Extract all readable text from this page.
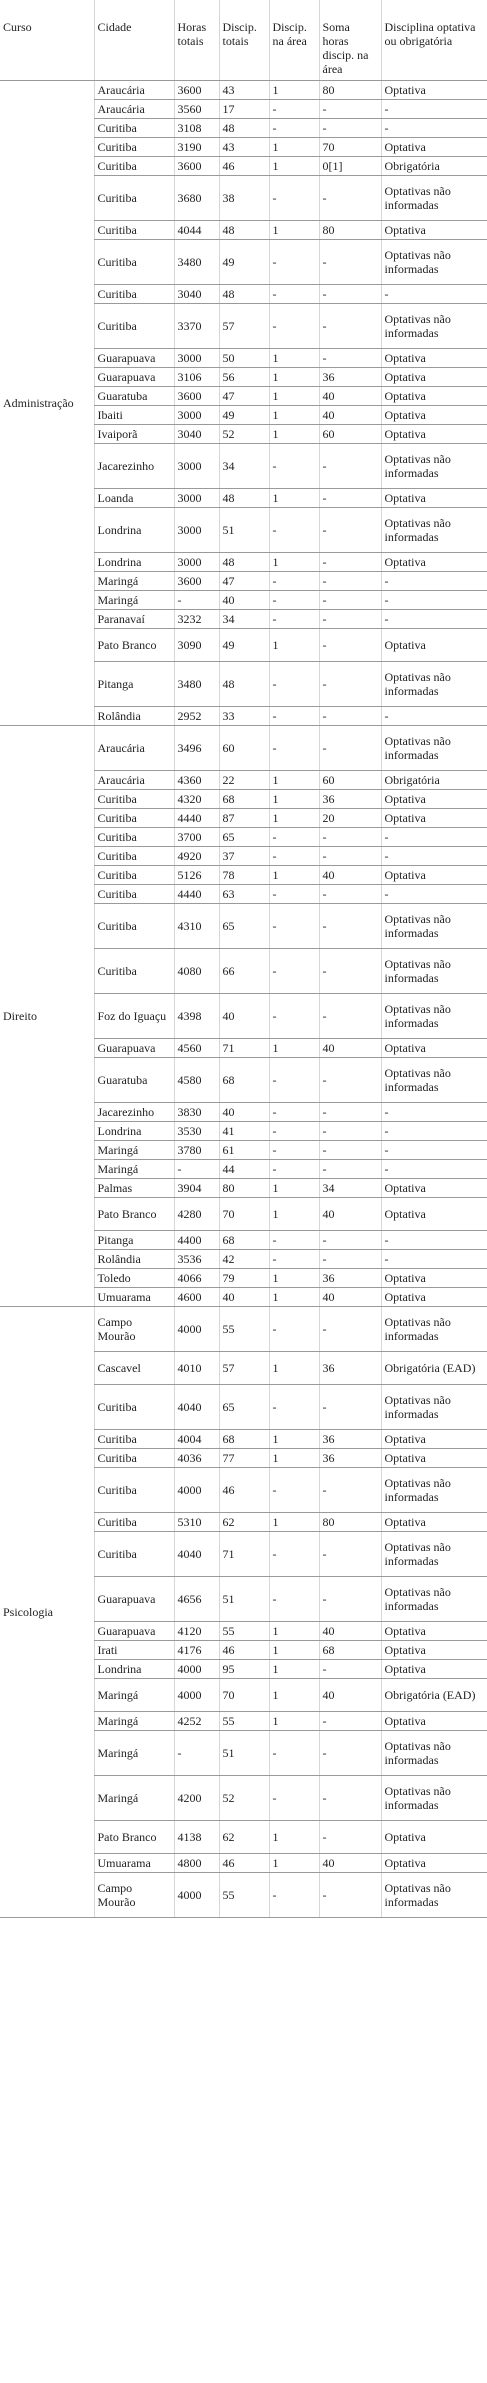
Curso	Cidade	Horas totais	Discip. totais	Discip. na área	Soma horas discip. na área	Disciplina optativa ou obrigatória
Administração	Araucária	3600	43	1	80	Optativa
	Araucária	3560	17	-	-	-
	Curitiba	3108	48	-	-	-
	Curitiba	3190	43	1	70	Optativa
	Curitiba	3600	46	1	0[1]	Obrigatória
	Curitiba	3680	38	-	-	Optativas não informadas
	Curitiba	4044	48	1	80	Optativa
	Curitiba	3480	49	-	-	Optativas não informadas
	Curitiba	3040	48	-	-	-
	Curitiba	3370	57	-	-	Optativas não informadas
	Guarapuava	3000	50	1	-	Optativa
	Guarapuava	3106	56	1	36	Optativa
	Guaratuba	3600	47	1	40	Optativa
	Ibaiti	3000	49	1	40	Optativa
	Ivaiporã	3040	52	1	60	Optativa
	Jacarezinho	3000	34	-	-	Optativas não informadas
	Loanda	3000	48	1	-	Optativa
	Londrina	3000	51	-	-	Optativas não informadas
	Londrina	3000	48	1	-	Optativa
	Maringá	3600	47	-	-	-
	Maringá	-	40	-	-	-
	Paranavaí	3232	34	-	-	-
	Pato Branco	3090	49	1	-	Optativa
	Pitanga	3480	48	-	-	Optativas não informadas
	Rolândia	2952	33	-	-	-
Direito	Araucária	3496	60	-	-	Optativas não informadas
	Araucária	4360	22	1	60	Obrigatória
	Curitiba	4320	68	1	36	Optativa
	Curitiba	4440	87	1	20	Optativa
	Curitiba	3700	65	-	-	-
	Curitiba	4920	37	-	-	-
	Curitiba	5126	78	1	40	Optativa
	Curitiba	4440	63	-	-	-
	Curitiba	4310	65	-	-	Optativas não informadas
	Curitiba	4080	66	-	-	Optativas não informadas
	Foz do Iguaçu	4398	40	-	-	Optativas não informadas
	Guarapuava	4560	71	1	40	Optativa
	Guaratuba	4580	68	-	-	Optativas não informadas
	Jacarezinho	3830	40	-	-	-
	Londrina	3530	41	-	-	-
	Maringá	3780	61	-	-	-
	Maringá	-	44	-	-	-
	Palmas	3904	80	1	34	Optativa
	Pato Branco	4280	70	1	40	Optativa
	Pitanga	4400	68	-	-	-
	Rolândia	3536	42	-	-	-
	Toledo	4066	79	1	36	Optativa
	Umuarama	4600	40	1	40	Optativa
Psicologia	Campo Mourão	4000	55	-	-	Optativas não informadas
	Cascavel	4010	57	1	36	Obrigatória (EAD)
	Curitiba	4040	65	-	-	Optativas não informadas
	Curitiba	4004	68	1	36	Optativa
	Curitiba	4036	77	1	36	Optativa
	Curitiba	4000	46	-	-	Optativas não informadas
	Curitiba	5310	62	1	80	Optativa
	Curitiba	4040	71	-	-	Optativas não informadas
	Guarapuava	4656	51	-	-	Optativas não informadas
	Guarapuava	4120	55	1	40	Optativa
	Irati	4176	46	1	68	Optativa
	Londrina	4000	95	1	-	Optativa
	Maringá	4000	70	1	40	Obrigatória (EAD)
	Maringá	4252	55	1	-	Optativa
	Maringá	-	51	-	-	Optativas não informadas
	Maringá	4200	52	-	-	Optativas não informadas
	Pato Branco	4138	62	1	-	Optativa
	Umuarama	4800	46	1	40	Optativa
	Campo Mourão	4000	55	-	-	Optativas não informadas
